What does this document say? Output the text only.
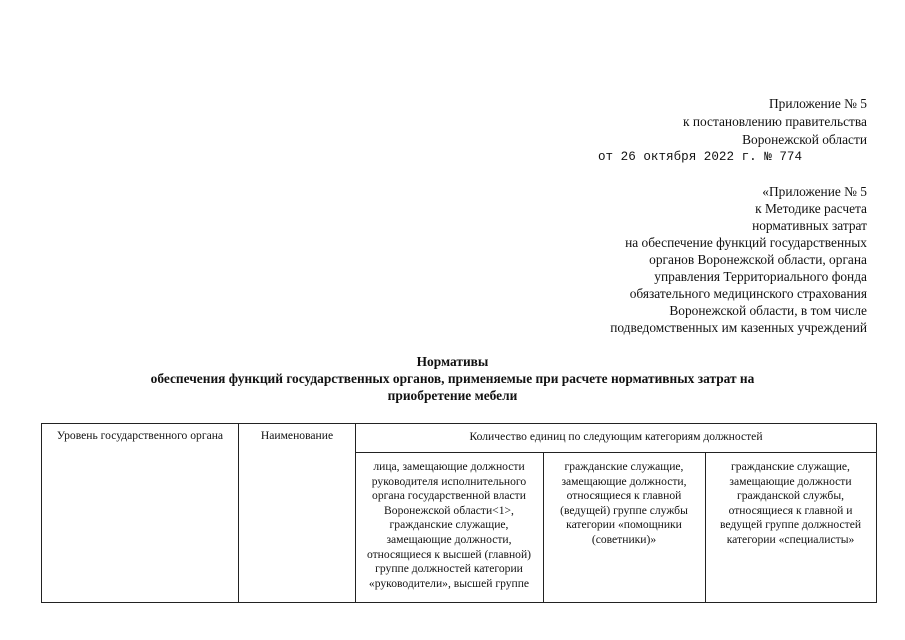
Приложение № 5
к постановлению правительства
Воронежской области
от 26 октября 2022 г. № 774
«Приложение № 5
к Методике расчета
нормативных затрат
на обеспечение функций государственных
органов Воронежской области, органа
управления Территориального фонда
обязательного медицинского страхования
Воронежской области, в том числе
подведомственных им казенных учреждений
Нормативы
обеспечения функций государственных органов, применяемые при расчете нормативных затрат на
приобретение мебели
Уровень государственного органа	Наименование	Количество единиц по следующим категориям должностей
лица, замещающие должности руководителя исполнительного органа государственной власти Воронежской области<1>, гражданские служащие, замещающие должности, относящиеся к высшей (главной) группе должностей категории «руководители», высшей группе
гражданские служащие, замещающие должности, относящиеся к главной (ведущей) группе службы категории «помощники (советники)»
гражданские служащие, замещающие должности гражданской службы, относящиеся к главной и ведущей группе должностей категории «специалисты»
